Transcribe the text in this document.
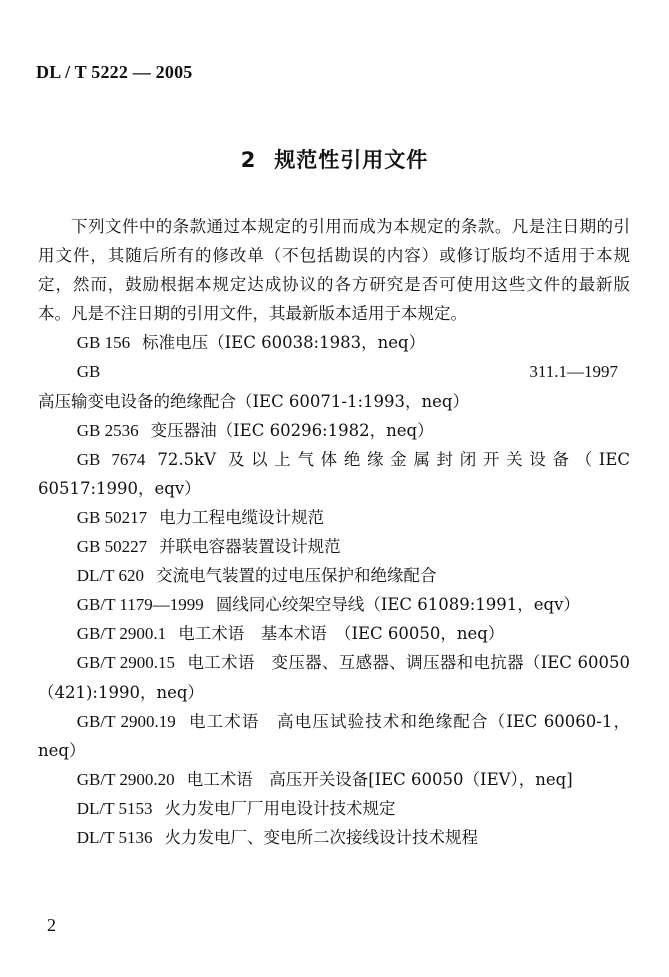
DL / T 5222 — 2005
2 规范性引用文件

下列文件中的条款通过本规定的引用而成为本规定的条款。凡是注日期的引用文件，其随后所有的修改单（不包括勘误的内容）或修订版均不适用于本规定，然而，鼓励根据本规定达成协议的各方研究是否可使用这些文件的最新版本。凡是不注日期的引用文件，其最新版本适用于本规定。

GB 156 标准电压（IEC 60038:1983，neq）

GB 311.1—1997高压输变电设备的绝缘配合（IEC 60071-1:1993，neq）

GB 2536 变压器油（IEC 60296:1982，neq）

GB 7674 72.5kV 及以上气体绝缘金属封闭开关设备（IEC 60517:1990，eqv）

GB 50217 电力工程电缆设计规范

GB 50227 并联电容器装置设计规范

DL/T 620 交流电气装置的过电压保护和绝缘配合

GB/T 1179—1999 圆线同心绞架空导线（IEC 61089:1991，eqv）

GB/T 2900.1 电工术语　基本术语　（IEC 60050，neq）

GB/T 2900.15 电工术语　变压器、互感器、调压器和电抗器（IEC 60050（421):1990，neq）

GB/T 2900.19 电工术语　高电压试验技术和绝缘配合（IEC 60060-1，neq）

GB/T 2900.20 电工术语　高压开关设备[IEC 60050（IEV），neq]

DL/T 5153 火力发电厂厂用电设计技术规定

DL/T 5136 火力发电厂、变电所二次接线设计技术规程

2
